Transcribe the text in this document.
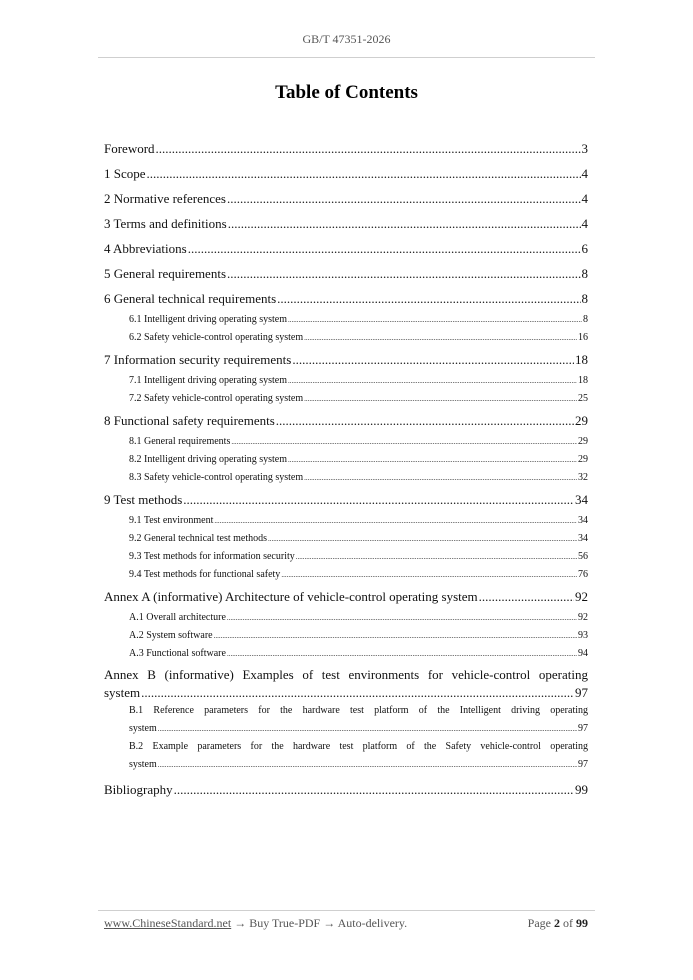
GB/T 47351-2026
Table of Contents
Foreword .....	3
1 Scope .....	4
2 Normative references .....	4
3 Terms and definitions .....	4
4 Abbreviations .....	6
5 General requirements .....	8
6 General technical requirements .....	8
6.1 Intelligent driving operating system .....	8
6.2 Safety vehicle-control operating system .....	16
7 Information security requirements .....	18
7.1 Intelligent driving operating system .....	18
7.2 Safety vehicle-control operating system .....	25
8 Functional safety requirements .....	29
8.1 General requirements .....	29
8.2 Intelligent driving operating system .....	29
8.3 Safety vehicle-control operating system .....	32
9 Test methods .....	34
9.1 Test environment .....	34
9.2 General technical test methods .....	34
9.3 Test methods for information security .....	56
9.4 Test methods for functional safety .....	76
Annex A (informative) Architecture of vehicle-control operating system .....	92
A.1 Overall architecture .....	92
A.2 System software .....	93
A.3 Functional software .....	94
Annex B (informative) Examples of test environments for vehicle-control operating
system .....	97
B.1 Reference parameters for the hardware test platform of the Intelligent driving operating
system .....	97
B.2 Example parameters for the hardware test platform of the Safety vehicle-control operating
system .....	97
Bibliography .....	99
www.ChineseStandard.net → Buy True-PDF → Auto-delivery.	Page 2 of 99
